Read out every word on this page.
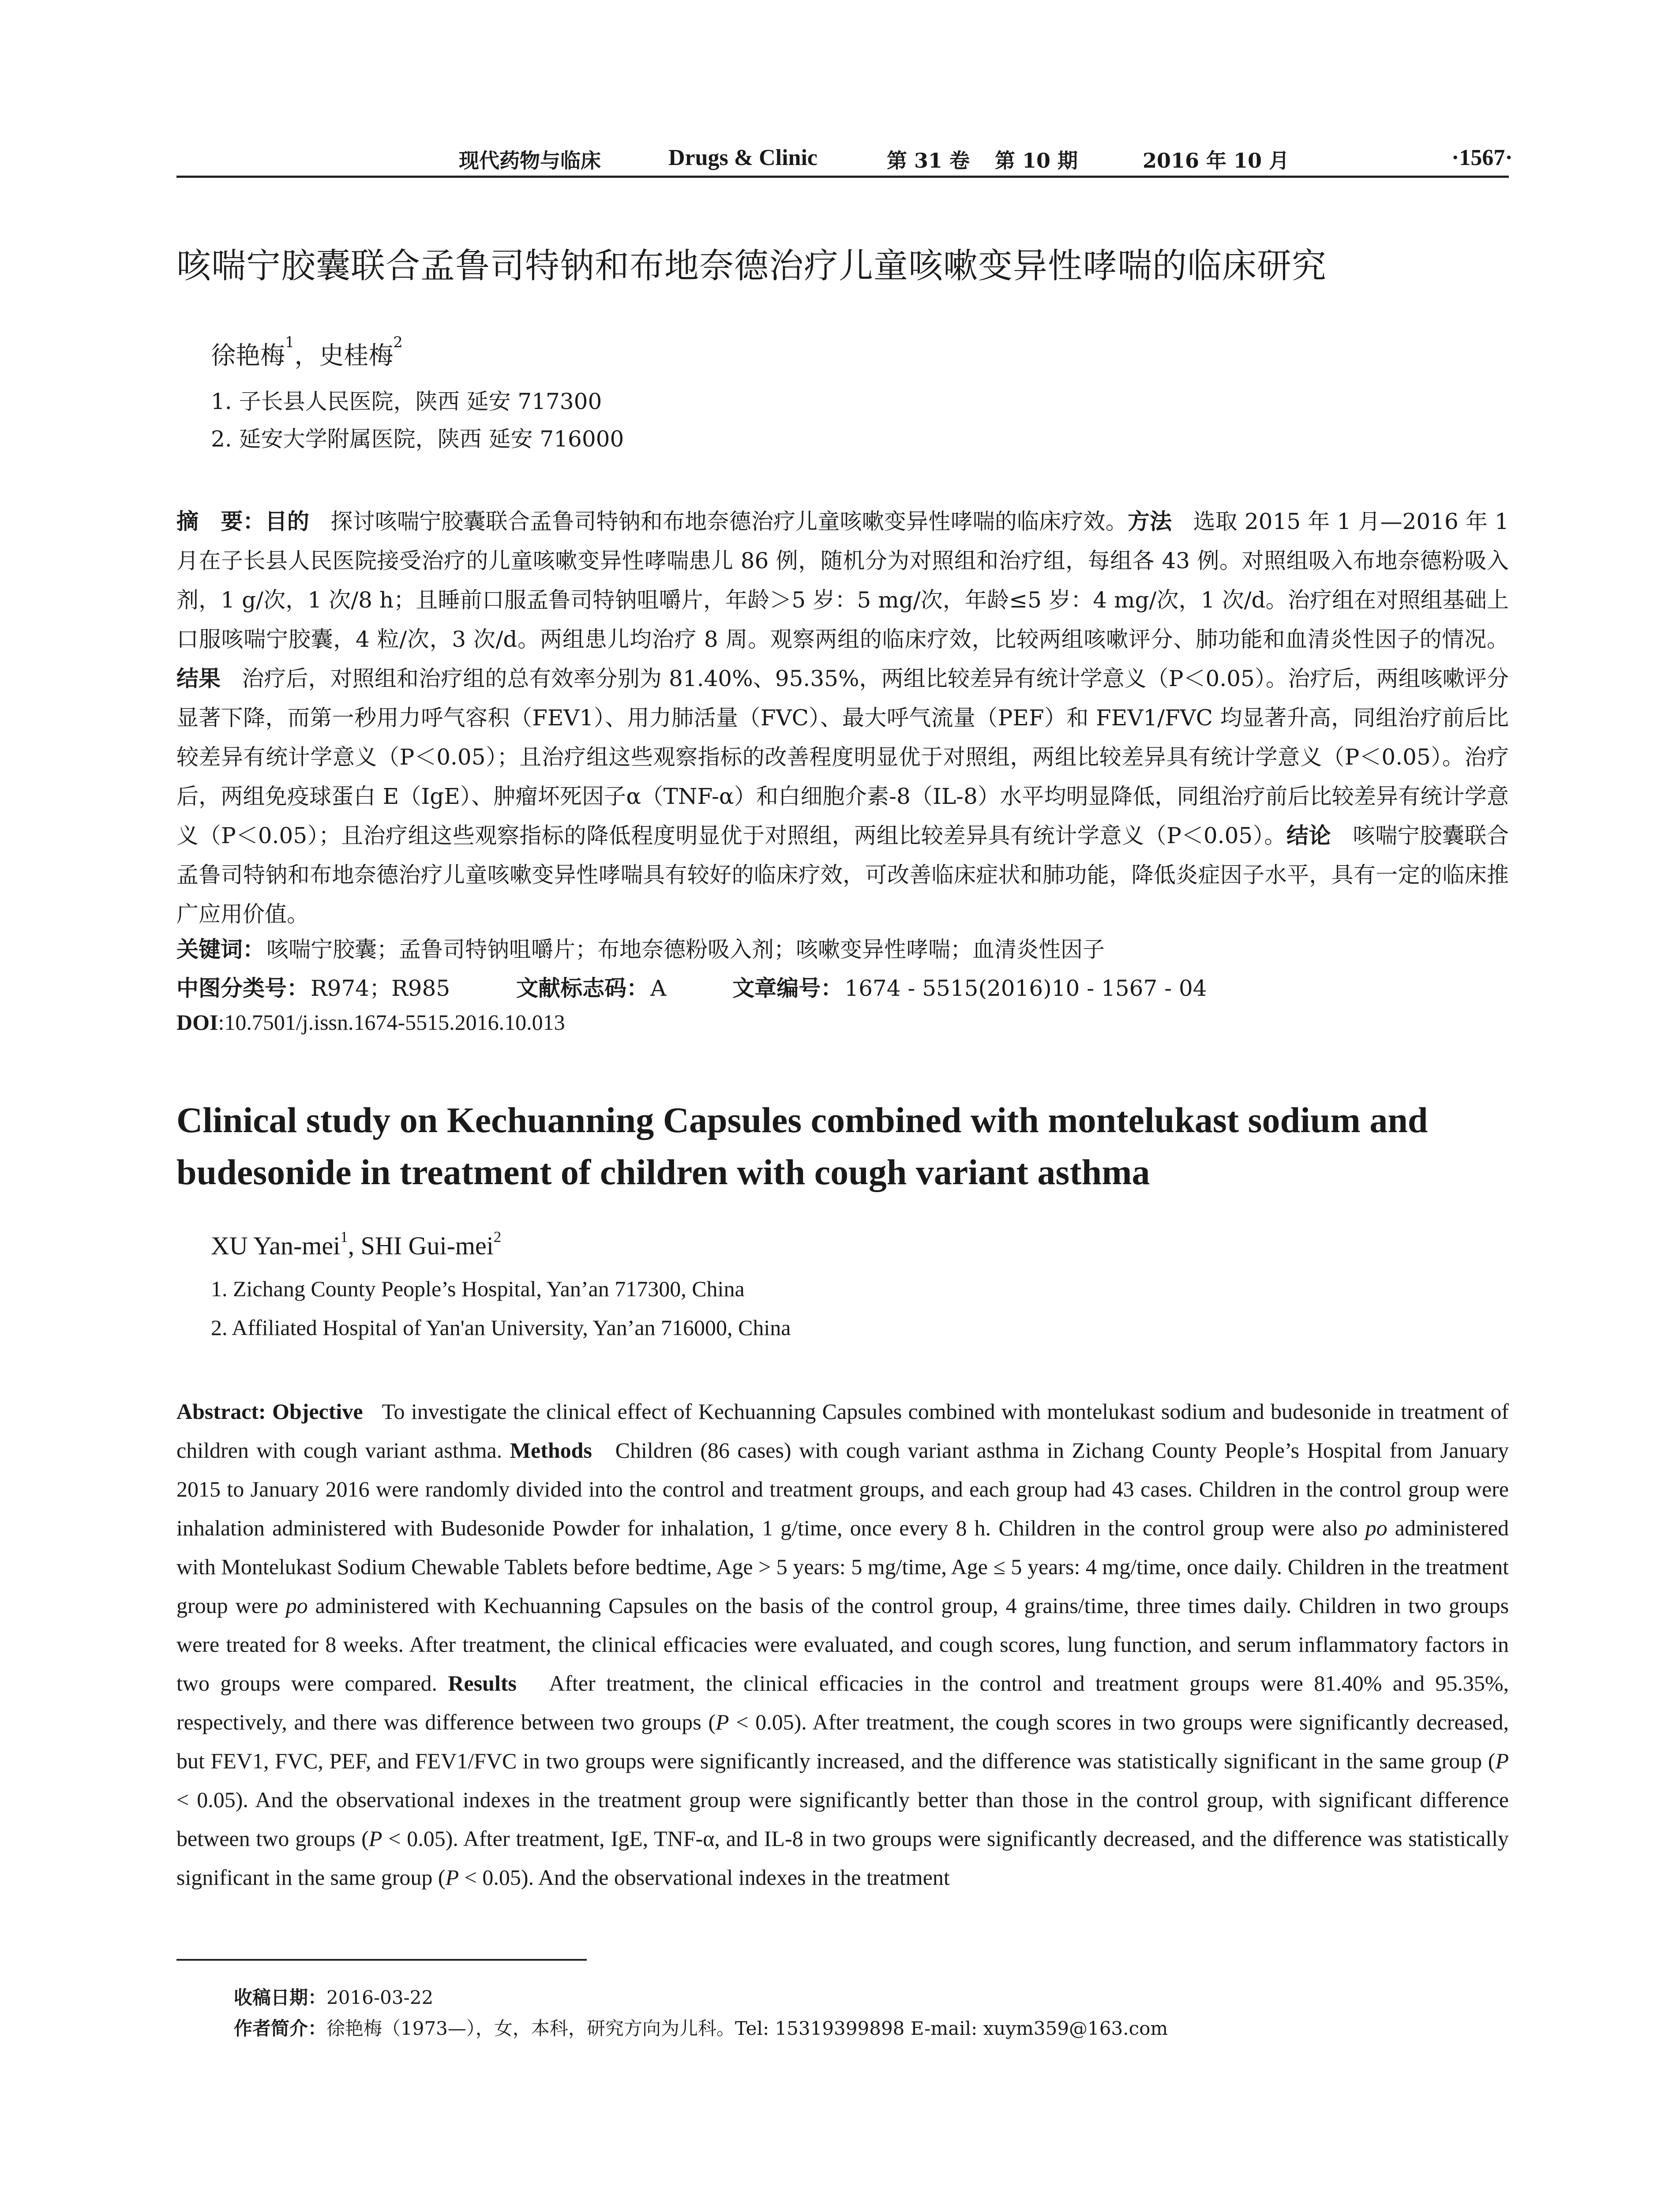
现代药物与临床	Drugs & Clinic	第 31 卷 第 10 期	2016 年 10 月	·1567·
咳喘宁胶囊联合孟鲁司特钠和布地奈德治疗儿童咳嗽变异性哮喘的临床研究
徐艳梅$^1$，史桂梅$^2$
1. 子长县人民医院，陕西 延安 717300
2. 延安大学附属医院，陕西 延安 716000
摘　要：目的 探讨咳喘宁胶囊联合孟鲁司特钠和布地奈德治疗儿童咳嗽变异性哮喘的临床疗效。方法 选取 2015 年 1 月—2016 年 1 月在子长县人民医院接受治疗的儿童咳嗽变异性哮喘患儿 86 例，随机分为对照组和治疗组，每组各 43 例。对照组吸入布地奈德粉吸入剂，1 g/次，1 次/8 h；且睡前口服孟鲁司特钠咀嚼片，年龄＞5 岁：5 mg/次，年龄≤5 岁：4 mg/次，1 次/d。治疗组在对照组基础上口服咳喘宁胶囊，4 粒/次，3 次/d。两组患儿均治疗 8 周。观察两组的临床疗效，比较两组咳嗽评分、肺功能和血清炎性因子的情况。结果 治疗后，对照组和治疗组的总有效率分别为 81.40%、95.35%，两组比较差异有统计学意义（P＜0.05）。治疗后，两组咳嗽评分显著下降，而第一秒用力呼气容积（FEV1）、用力肺活量（FVC）、最大呼气流量（PEF）和 FEV1/FVC 均显著升高，同组治疗前后比较差异有统计学意义（P＜0.05）；且治疗组这些观察指标的改善程度明显优于对照组，两组比较差异具有统计学意义（P＜0.05）。治疗后，两组免疫球蛋白 E（IgE）、肿瘤坏死因子α（TNF-α）和白细胞介素-8（IL-8）水平均明显降低，同组治疗前后比较差异有统计学意义（P＜0.05）；且治疗组这些观察指标的降低程度明显优于对照组，两组比较差异具有统计学意义（P＜0.05）。结论 咳喘宁胶囊联合孟鲁司特钠和布地奈德治疗儿童咳嗽变异性哮喘具有较好的临床疗效，可改善临床症状和肺功能，降低炎症因子水平，具有一定的临床推广应用价值。
关键词：咳喘宁胶囊；孟鲁司特钠咀嚼片；布地奈德粉吸入剂；咳嗽变异性哮喘；血清炎性因子
中图分类号：R974；R985	文献标志码：A	文章编号：1674 - 5515(2016)10 - 1567 - 04
DOI:10.7501/j.issn.1674-5515.2016.10.013
Clinical study on Kechuanning Capsules combined with montelukast sodium and budesonide in treatment of children with cough variant asthma
XU Yan-mei$^1$, SHI Gui-mei$^2$
1. Zichang County People’s Hospital, Yan’an 717300, China
2. Affiliated Hospital of Yan'an University, Yan’an 716000, China
Abstract: Objective To investigate the clinical effect of Kechuanning Capsules combined with montelukast sodium and budesonide in treatment of children with cough variant asthma. Methods Children (86 cases) with cough variant asthma in Zichang County People’s Hospital from January 2015 to January 2016 were randomly divided into the control and treatment groups, and each group had 43 cases. Children in the control group were inhalation administered with Budesonide Powder for inhalation, 1 g/time, once every 8 h. Children in the control group were also po administered with Montelukast Sodium Chewable Tablets before bedtime, Age > 5 years: 5 mg/time, Age ≤ 5 years: 4 mg/time, once daily. Children in the treatment group were po administered with Kechuanning Capsules on the basis of the control group, 4 grains/time, three times daily. Children in two groups were treated for 8 weeks. After treatment, the clinical efficacies were evaluated, and cough scores, lung function, and serum inflammatory factors in two groups were compared. Results After treatment, the clinical efficacies in the control and treatment groups were 81.40% and 95.35%, respectively, and there was difference between two groups (P < 0.05). After treatment, the cough scores in two groups were significantly decreased, but FEV1, FVC, PEF, and FEV1/FVC in two groups were significantly increased, and the difference was statistically significant in the same group (P < 0.05). And the observational indexes in the treatment group were significantly better than those in the control group, with significant difference between two groups (P < 0.05). After treatment, IgE, TNF-α, and IL-8 in two groups were significantly decreased, and the difference was statistically significant in the same group (P < 0.05). And the observational indexes in the treatment
收稿日期：2016-03-22
作者简介：徐艳梅（1973—），女，本科，研究方向为儿科。Tel: 15319399898 E-mail: xuym359@163.com
